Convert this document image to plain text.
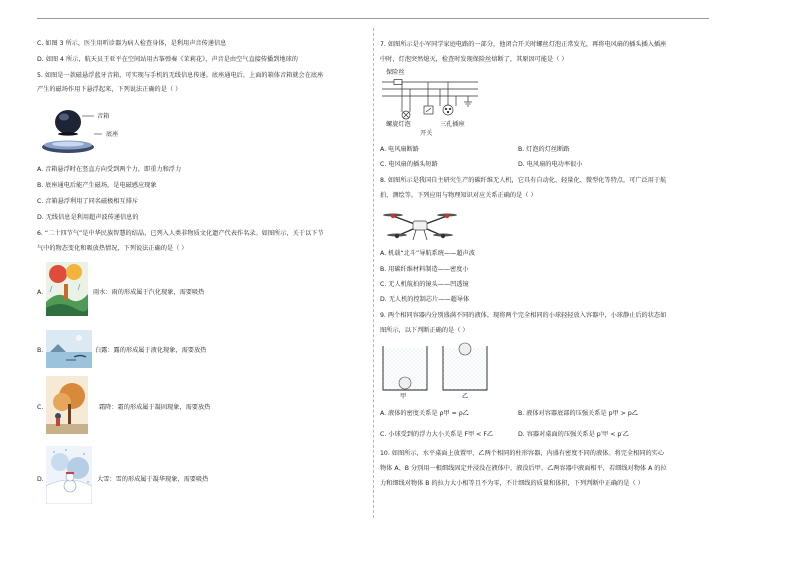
C. 如图 3 所示，医生用听诊器为病人检查身体，是利用声音传递信息
D. 如图 4 所示，航天员王亚平在空间站用古筝弹奏《茉莉花》，声音是由空气直接传播到地球的
5. 如图是一款磁悬浮蓝牙音箱，可实现与手机的无线信息传递。底座通电后，上面的箱体音箱就会在底座
产生的磁场作用下悬浮起来，下列说法正确的是（ ）
音箱
底座
A. 音箱悬浮时在竖直方向受到两个力，即重力和浮力
B. 底座通电后能产生磁场，是电磁感应现象
C. 音箱悬浮利用了同名磁极相互排斥
D. 无线信息是利用超声波传递信息的
6. “二十四节气”是中华民族智慧的结晶，已列入人类非物质文化遗产代表作名录。如图所示，关于以下节
气中的物态变化和吸放热情况，下列说法正确的是（ ）
A.	雨水：雨的形成属于汽化现象，需要吸热
B.	白露：露的形成属于液化现象，需要放热
C.	霜降：霜的形成属于凝固现象，需要放热
D.	大雪：雪的形成属于凝华现象，需要吸热
7. 如图所示是小军同学家庭电路的一部分，他闭合开关时螺丝灯泡正常发光，再将电风扇的插头插入插座
中时，灯泡突然熄灭，检查时发现保险丝熔断了，其原因可能是（ ）
保险丝
螺旋灯泡
开关
三孔插座
A. 电风扇断路	B. 灯泡的灯丝断路
C. 电风扇的插头短路	D. 电风扇的电功率很小
8. 如图所示是我国自主研究生产的碳纤维无人机，它具有自动化、轻量化、微型化等特点，可广泛用于航
拍、测绘等。下列应用与物理知识对应关系正确的是（ ）
A. 机载“北斗”导航系统——超声波
B. 用碳纤维材料制造——密度小
C. 无人机航拍的镜头——凹透镜
D. 无人机的控制芯片——超导体
9. 两个相同容器内分别盛满不同的液体，现将两个完全相同的小球轻轻放入容器中，小球静止后的状态如
图所示，以下判断正确的是（ ）
甲	乙
A. 液体的密度关系是 ρ甲 = ρ乙	B. 液体对容器底部的压强关系是 p甲 > p乙
C. 小球受到的浮力大小关系是 F甲 < F乙	D. 容器对桌面的压强关系是 p′甲 < p′乙
10. 如图所示，水平桌面上放置甲、乙两个相同的柱形容器，内盛有密度不同的液体。将完全相同的实心
物体 A、B 分别用一根细线固定并浸没在液体中，液没后甲、乙两容器中液面相平，若细线对物体 A 的拉
力和细线对物体 B 的拉力大小相等且不为零，不计细线的质量和体积，下列判断中正确的是（ ）
